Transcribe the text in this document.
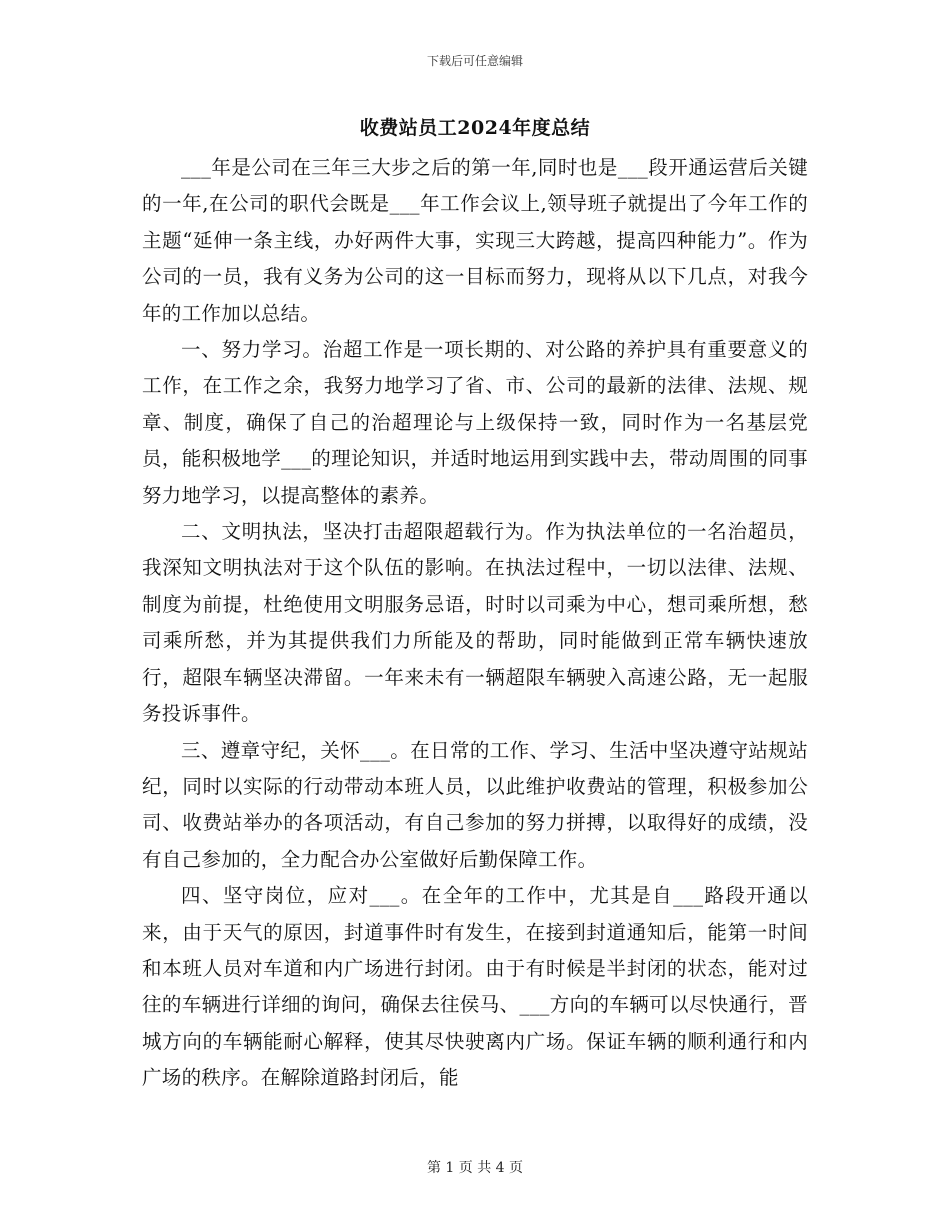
下载后可任意编辑
收费站员工2024年度总结

___年是公司在三年三大步之后的第一年,同时也是___段开通运营后关键的一年,在公司的职代会既是___年工作会议上,领导班子就提出了今年工作的主题“延伸一条主线，办好两件大事，实现三大跨越，提高四种能力”。作为公司的一员，我有义务为公司的这一目标而努力，现将从以下几点，对我今年的工作加以总结。

一、努力学习。治超工作是一项长期的、对公路的养护具有重要意义的工作，在工作之余，我努力地学习了省、市、公司的最新的法律、法规、规章、制度，确保了自己的治超理论与上级保持一致，同时作为一名基层党员，能积极地学___的理论知识，并适时地运用到实践中去，带动周围的同事努力地学习，以提高整体的素养。

二、文明执法，坚决打击超限超载行为。作为执法单位的一名治超员，我深知文明执法对于这个队伍的影响。在执法过程中，一切以法律、法规、制度为前提，杜绝使用文明服务忌语，时时以司乘为中心，想司乘所想，愁司乘所愁，并为其提供我们力所能及的帮助，同时能做到正常车辆快速放行，超限车辆坚决滞留。一年来未有一辆超限车辆驶入高速公路，无一起服务投诉事件。

三、遵章守纪，关怀___。在日常的工作、学习、生活中坚决遵守站规站纪，同时以实际的行动带动本班人员，以此维护收费站的管理，积极参加公司、收费站举办的各项活动，有自己参加的努力拼搏，以取得好的成绩，没有自己参加的，全力配合办公室做好后勤保障工作。

四、坚守岗位，应对___。在全年的工作中，尤其是自___路段开通以来，由于天气的原因，封道事件时有发生，在接到封道通知后，能第一时间和本班人员对车道和内广场进行封闭。由于有时候是半封闭的状态，能对过往的车辆进行详细的询问，确保去往侯马、___方向的车辆可以尽快通行，晋城方向的车辆能耐心解释，使其尽快驶离内广场。保证车辆的顺利通行和内广场的秩序。在解除道路封闭后，能

第 1 页 共 4 页
